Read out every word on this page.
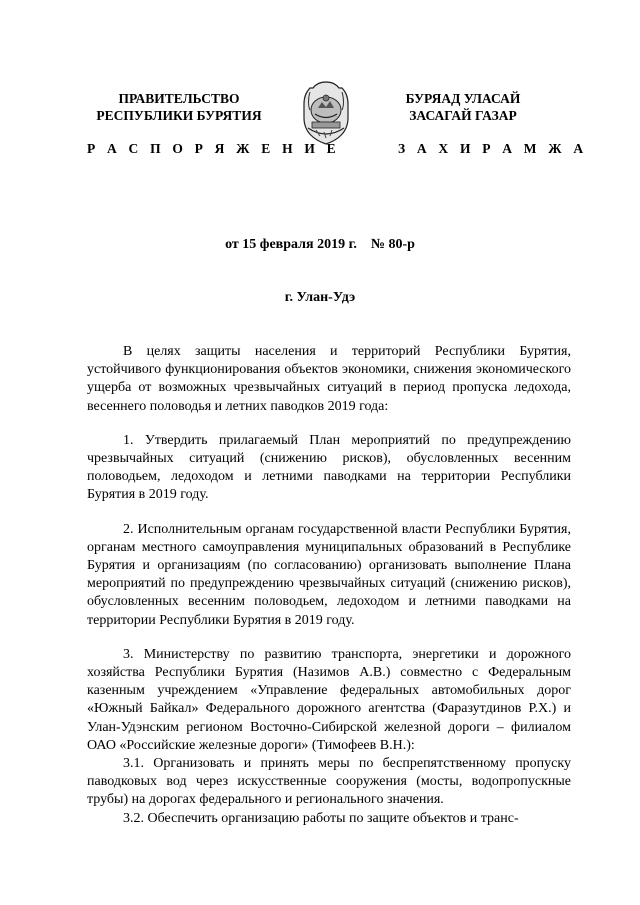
ПРАВИТЕЛЬСТВО
РЕСПУБЛИКИ БУРЯТИЯ
БУРЯАД УЛАСАЙ
ЗАСАГАЙ ГАЗАР
Р А С П О Р Я Ж Е Н И Е	З А Х И Р А М Ж А
от 15 февраля 2019 г. № 80-р
г. Улан-Удэ

В целях защиты населения и территорий Республики Бурятия, устойчивого функционирования объектов экономики, снижения экономического ущерба от возможных чрезвычайных ситуаций в период пропуска ледохода, весеннего половодья и летних паводков 2019 года:

1. Утвердить прилагаемый План мероприятий по предупреждению чрезвычайных ситуаций (снижению рисков), обусловленных весенним половодьем, ледоходом и летними паводками на территории Республики Бурятия в 2019 году.

2. Исполнительным органам государственной власти Республики Бурятия, органам местного самоуправления муниципальных образований в Республике Бурятия и организациям (по согласованию) организовать выполнение Плана мероприятий по предупреждению чрезвычайных ситуаций (снижению рисков), обусловленных весенним половодьем, ледоходом и летними паводками на территории Республики Бурятия в 2019 году.

3. Министерству по развитию транспорта, энергетики и дорожного хозяйства Республики Бурятия (Назимов А.В.) совместно с Федеральным казенным учреждением «Управление федеральных автомобильных дорог «Южный Байкал» Федерального дорожного агентства (Фаразутдинов Р.Х.) и Улан-Удэнским регионом Восточно-Сибирской железной дороги – филиалом ОАО «Российские железные дороги» (Тимофеев В.Н.):

3.1. Организовать и принять меры по беспрепятственному пропуску паводковых вод через искусственные сооружения (мосты, водопропускные трубы) на дорогах федерального и регионального значения.

3.2. Обеспечить организацию работы по защите объектов и транс-
